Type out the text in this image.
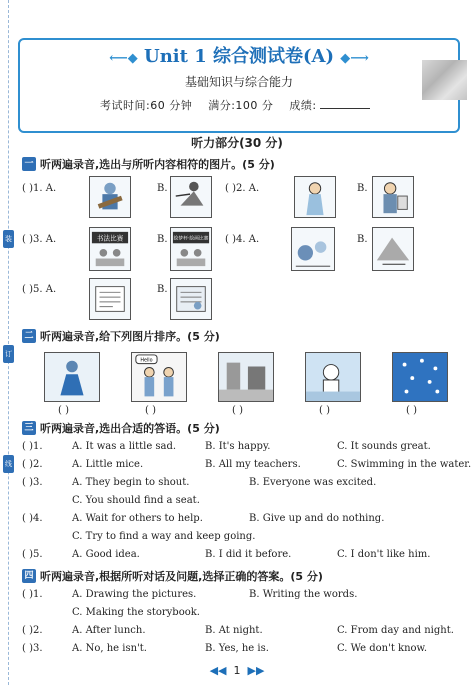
装
订
线
⟵◆ Unit 1 综合测试卷(A) ◆⟶
基础知识与综合能力
考试时间:60 分钟 满分:100 分 成绩:
听力部分(30 分)
一 听两遍录音,选出与所听内容相符的图片。(5 分)
( )1. A.	B.	( )2. A.	B.
( )3. A.	书法比赛	B. 绘梦杯·绘画比赛 ( )4. A.	B.
( )5. A.	B.
二 听两遍录音,给下列图片排序。(5 分)
Hello
( )	( )	( )	( )	( )
三 听两遍录音,选出合适的答语。(5 分)
( )1.	A. It was a little sad.	B. It's happy.	C. It sounds great.
( )2.	A. Little mice.	B. All my teachers.	C. Swimming in the water.
( )3.	A. They begin to shout.	B. Everyone was excited.
C. You should find a seat.
( )4.	A. Wait for others to help.	B. Give up and do nothing.
C. Try to find a way and keep going.
( )5.	A. Good idea.	B. I did it before.	C. I don't like him.
四 听两遍录音,根据所听对话及问题,选择正确的答案。(5 分)
( )1.	A. Drawing the pictures.	B. Writing the words.
C. Making the storybook.
( )2.	A. After lunch.	B. At night.	C. From day and night.
( )3.	A. No, he isn't.	B. Yes, he is.	C. We don't know.
◀◀ 1 ▶▶
